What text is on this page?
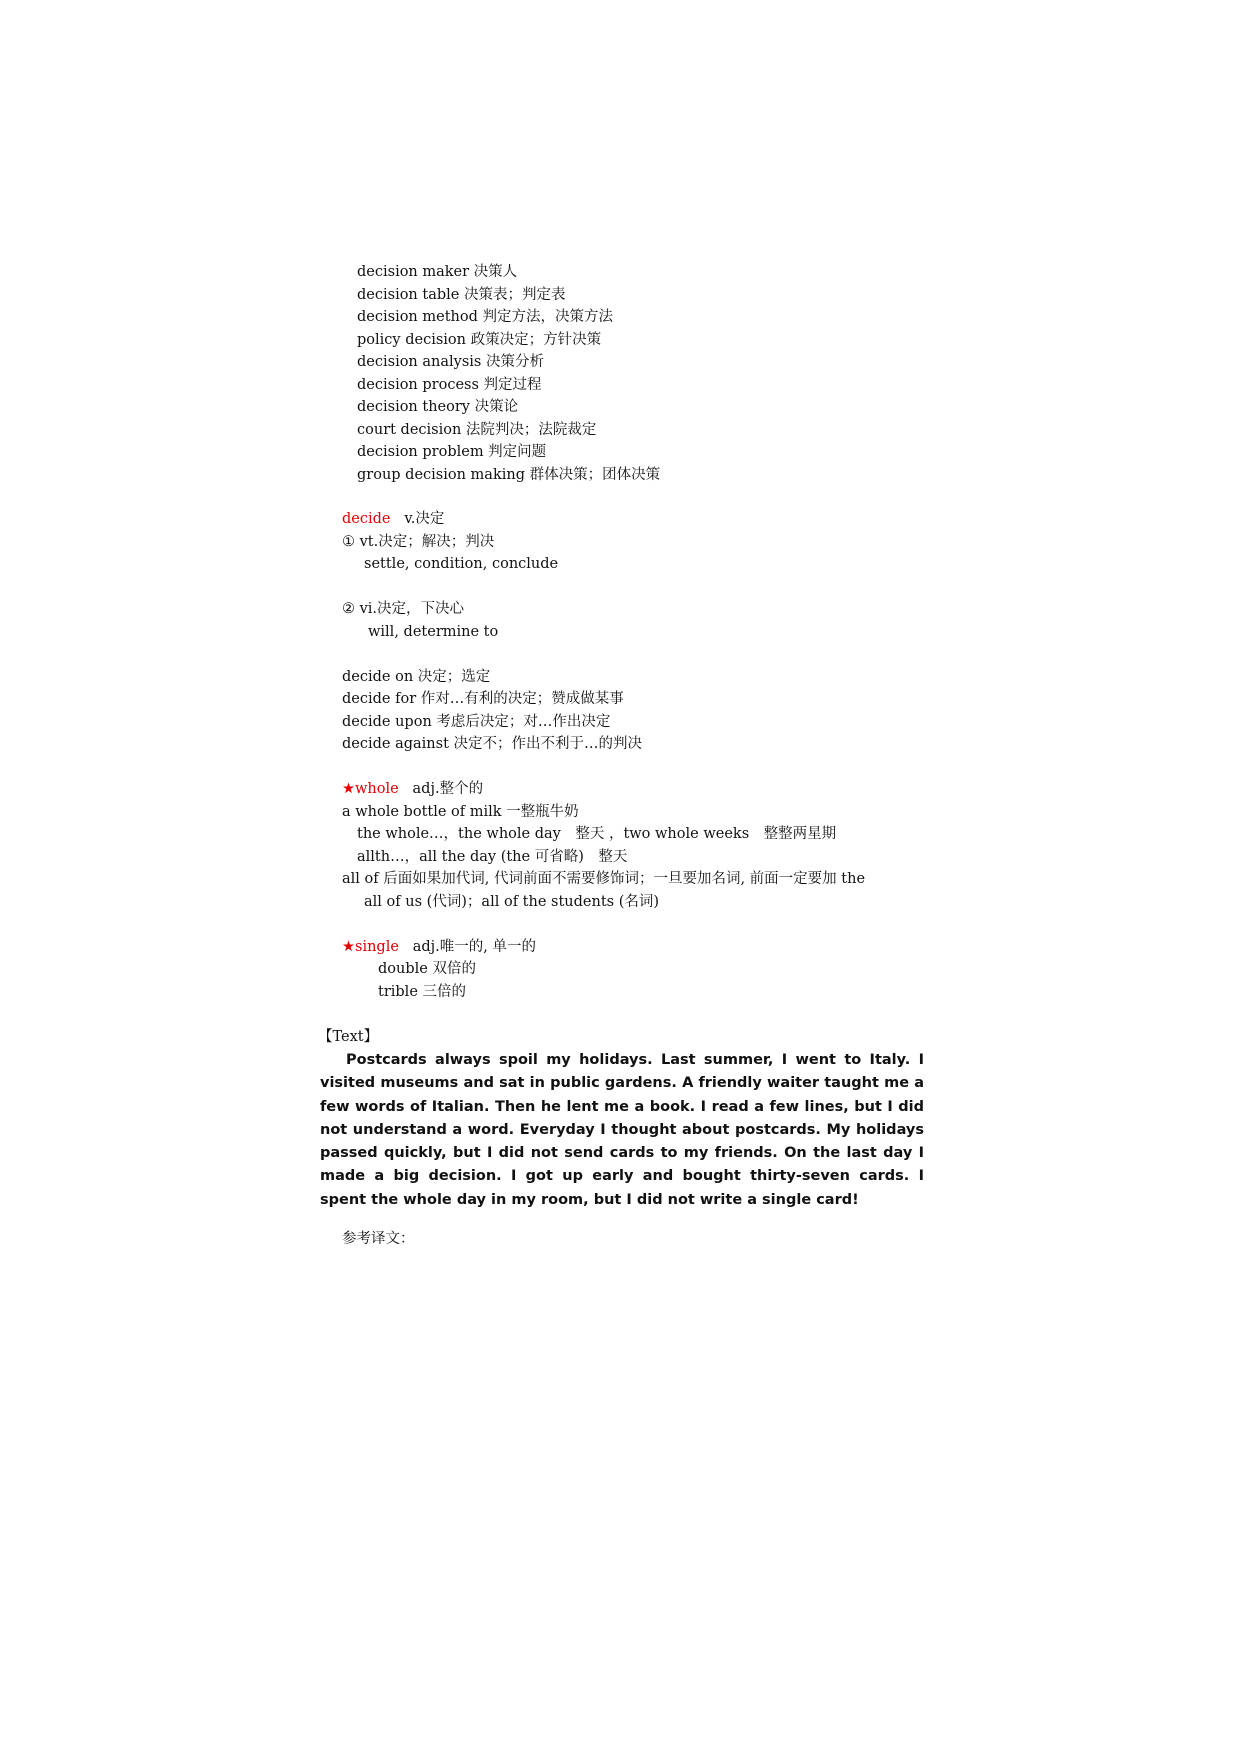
decision maker 决策人
decision table 决策表；判定表
decision method 判定方法，决策方法
policy decision 政策决定；方针决策
decision analysis 决策分析
decision process 判定过程
decision theory 决策论
court decision 法院判决；法院裁定
decision problem 判定问题
group decision making 群体决策；团体决策
decide v.决定
① vt.决定；解决；判决
settle, condition, conclude
② vi.决定，下决心
will, determine to
decide on 决定；选定
decide for 作对…有利的决定；赞成做某事
decide upon 考虑后决定；对…作出决定
decide against 决定不；作出不利于…的判决
★whole adj.整个的
a whole bottle of milk 一整瓶牛奶
the whole…，the whole day　整天 ，two whole weeks　整整两星期
allth…，all the day (the 可省略)　整天
all of 后面如果加代词, 代词前面不需要修饰词；一旦要加名词, 前面一定要加 the
all of us (代词)；all of the students (名词)
★single adj.唯一的, 单一的
double 双倍的
trible 三倍的
【Text】
Postcards always spoil my holidays. Last summer, I went to Italy. I visited museums and sat in public gardens. A friendly waiter taught me a few words of Italian. Then he lent me a book. I read a few lines, but I did not understand a word. Everyday I thought about postcards. My holidays passed quickly, but I did not send cards to my friends. On the last day I made a big decision. I got up early and bought thirty-seven cards. I spent the whole day in my room, but I did not write a single card!
参考译文：
